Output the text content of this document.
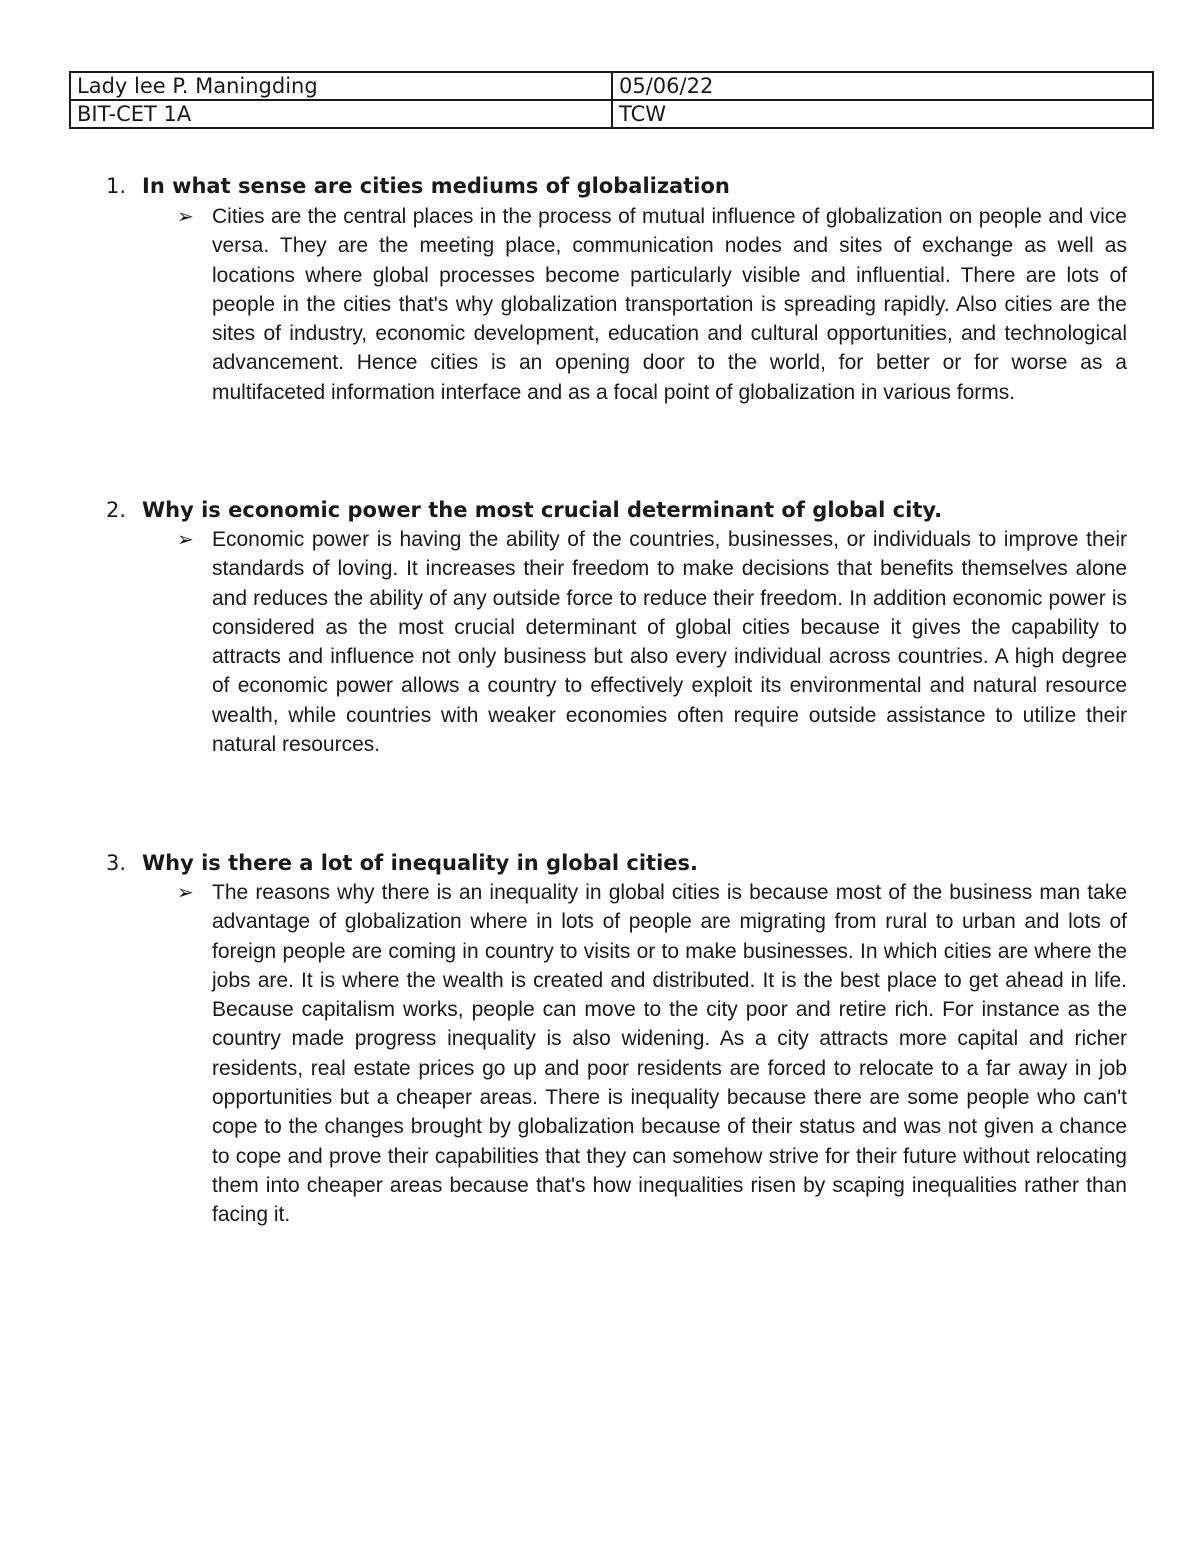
Lady lee P. Maningding	05/06/22
BIT-CET 1A	TCW
1. In what sense are cities mediums of globalization
➢ Cities are the central places in the process of mutual influence of globalization on people and vice versa. They are the meeting place, communication nodes and sites of exchange as well as locations where global processes become particularly visible and influential. There are lots of people in the cities that's why globalization transportation is spreading rapidly. Also cities are the sites of industry, economic development, education and cultural opportunities, and technological advancement. Hence cities is an opening door to the world, for better or for worse as a multifaceted information interface and as a focal point of globalization in various forms.
2. Why is economic power the most crucial determinant of global city.
➢ Economic power is having the ability of the countries, businesses, or individuals to improve their standards of loving. It increases their freedom to make decisions that benefits themselves alone and reduces the ability of any outside force to reduce their freedom. In addition economic power is considered as the most crucial determinant of global cities because it gives the capability to attracts and influence not only business but also every individual across countries. A high degree of economic power allows a country to effectively exploit its environmental and natural resource wealth, while countries with weaker economies often require outside assistance to utilize their natural resources.
3. Why is there a lot of inequality in global cities.
➢ The reasons why there is an inequality in global cities is because most of the business man take advantage of globalization where in lots of people are migrating from rural to urban and lots of foreign people are coming in country to visits or to make businesses. In which cities are where the jobs are. It is where the wealth is created and distributed. It is the best place to get ahead in life. Because capitalism works, people can move to the city poor and retire rich. For instance as the country made progress inequality is also widening. As a city attracts more capital and richer residents, real estate prices go up and poor residents are forced to relocate to a far away in job opportunities but a cheaper areas. There is inequality because there are some people who can't cope to the changes brought by globalization because of their status and was not given a chance to cope and prove their capabilities that they can somehow strive for their future without relocating them into cheaper areas because that's how inequalities risen by scaping inequalities rather than facing it.
